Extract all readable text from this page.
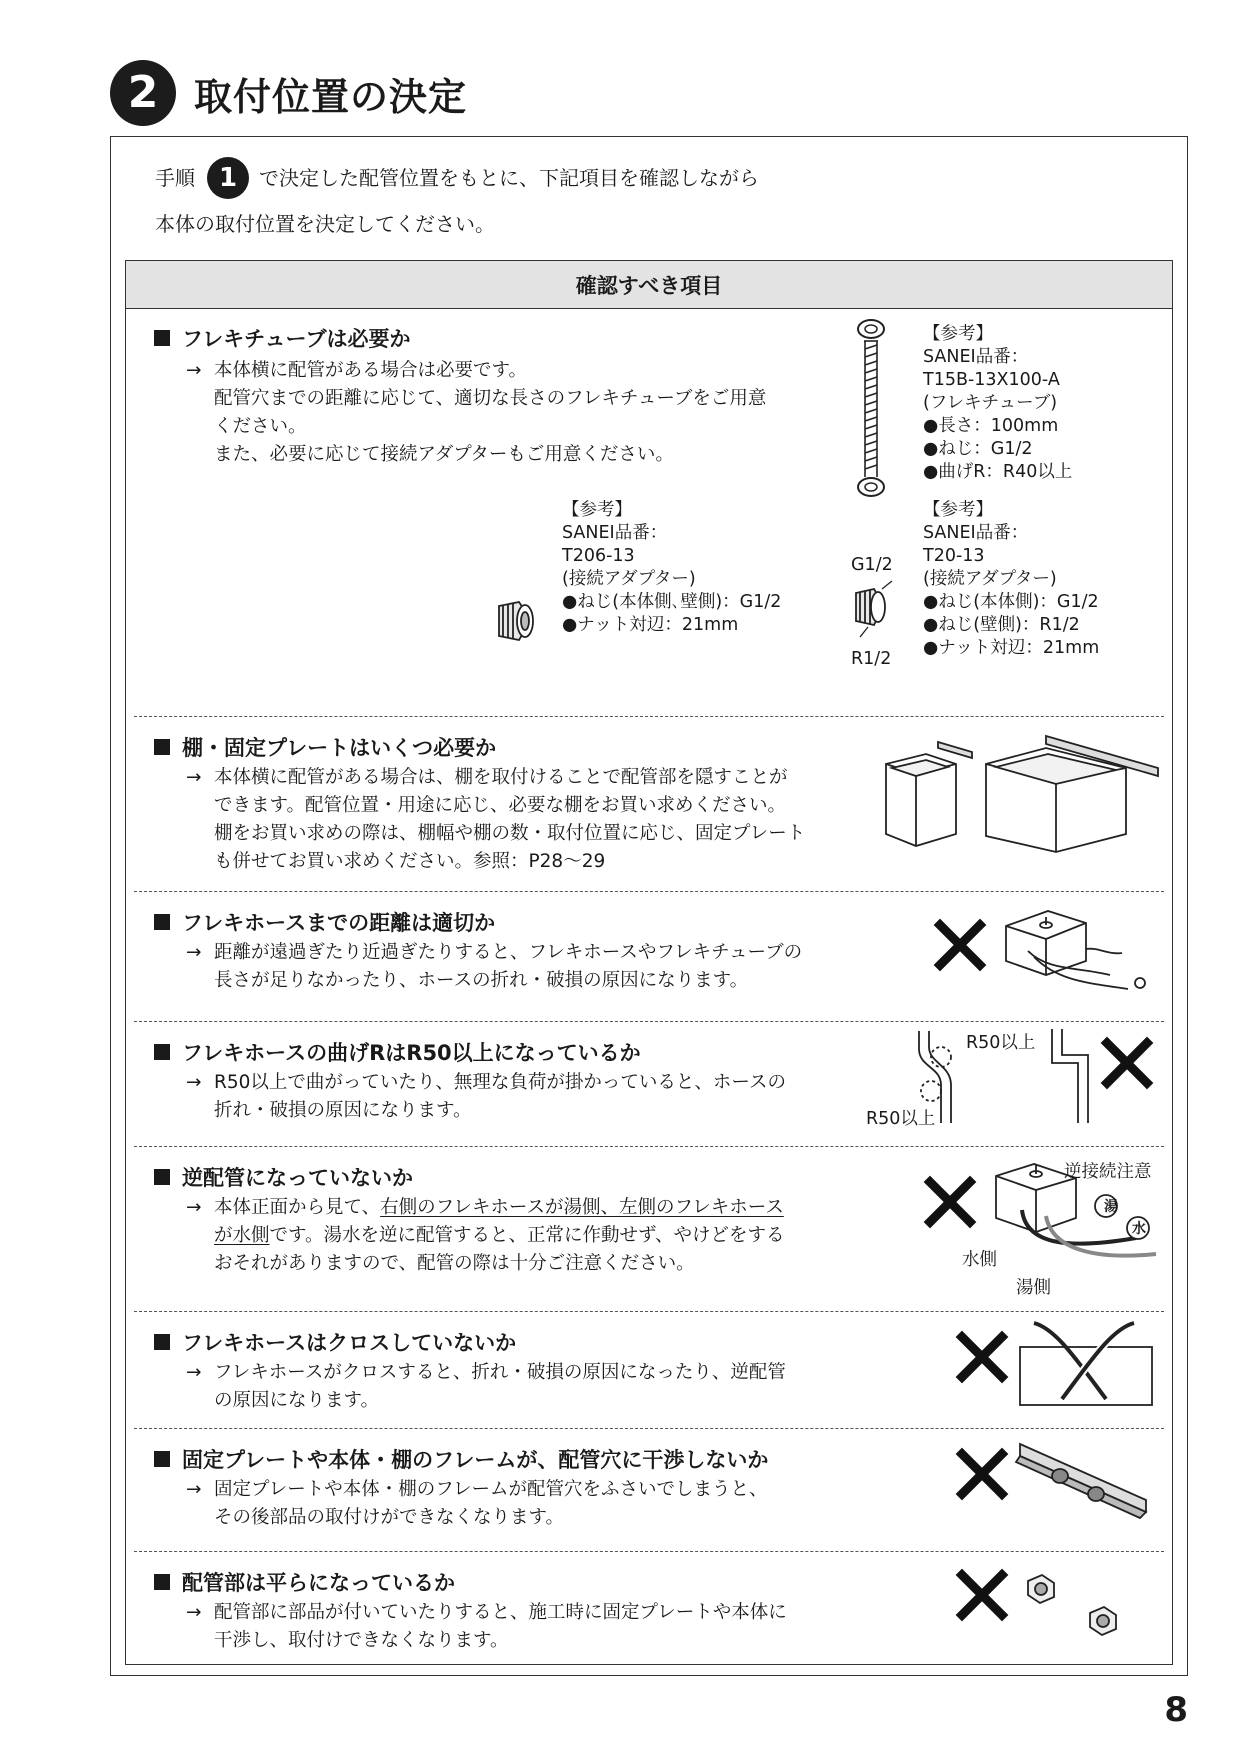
2 取付位置の決定
手順 1	で決定した配管位置をもとに、下記項目を確認しながら
本体の取付位置を決定してください。
確認すべき項目
フレキチューブは必要か
→ 本体横に配管がある場合は必要です。
配管穴までの距離に応じて、適切な長さのフレキチューブをご用意
ください。
また、必要に応じて接続アダプターもご用意ください。
【参考】
SANEI品番：
T15B-13X100-A
(フレキチューブ)
●長さ：100mm
●ねじ：G1/2
●曲げR：R40以上
【参考】
SANEI品番：
T206-13
(接続アダプター)
●ねじ(本体側､壁側)：G1/2
●ナット対辺：21mm
G1/2
R1/2
【参考】
SANEI品番：
T20-13
(接続アダプター)
●ねじ(本体側)：G1/2
●ねじ(壁側)：R1/2
●ナット対辺：21mm
棚・固定プレートはいくつ必要か
→ 本体横に配管がある場合は、棚を取付けることで配管部を隠すことが
できます。配管位置・用途に応じ、必要な棚をお買い求めください。
棚をお買い求めの際は、棚幅や棚の数・取付位置に応じ、固定プレート
も併せてお買い求めください。参照：P28～29
フレキホースまでの距離は適切か
→ 距離が遠過ぎたり近過ぎたりすると、フレキホースやフレキチューブの
長さが足りなかったり、ホースの折れ・破損の原因になります。
フレキホースの曲げRはR50以上になっているか
→ R50以上で曲がっていたり、無理な負荷が掛かっていると、ホースの
折れ・破損の原因になります。
R50以上
R50以上
逆配管になっていないか
→ 本体正面から見て、右側のフレキホースが湯側、左側のフレキホース
が水側です。湯水を逆に配管すると、正常に作動せず、やけどをする
おそれがありますので、配管の際は十分ご注意ください。
湯
水
逆接続注意
水側
湯側
フレキホースはクロスしていないか
→ フレキホースがクロスすると、折れ・破損の原因になったり、逆配管
の原因になります。
固定プレートや本体・棚のフレームが、配管穴に干渉しないか
→ 固定プレートや本体・棚のフレームが配管穴をふさいでしまうと、
その後部品の取付けができなくなります。
配管部は平らになっているか
→ 配管部に部品が付いていたりすると、施工時に固定プレートや本体に
干渉し、取付けできなくなります。
8
